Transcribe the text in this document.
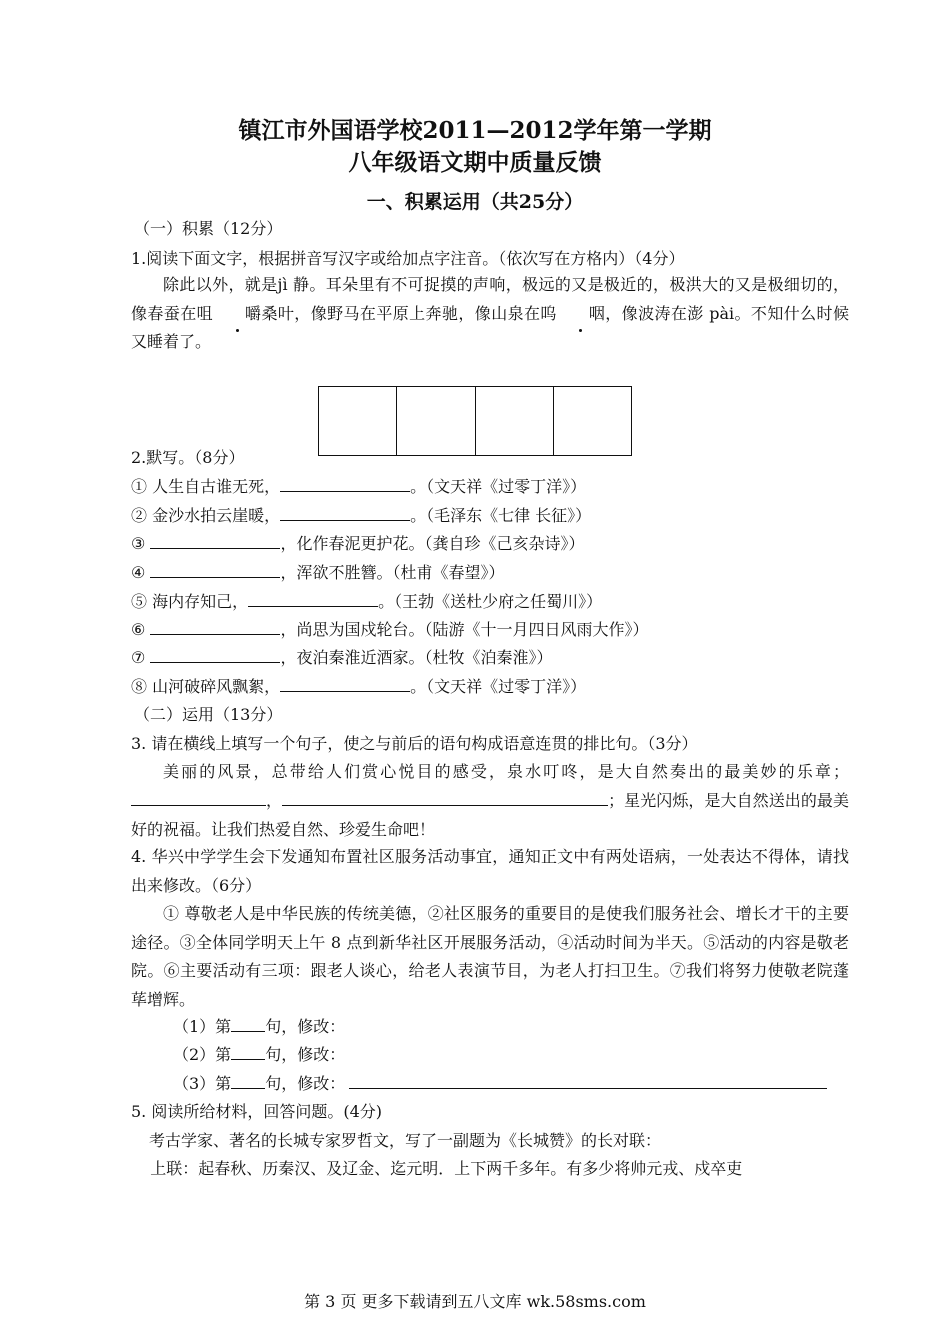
镇江市外国语学校2011—2012学年第一学期
八年级语文期中质量反馈
一、积累运用（共25分）
（一）积累（12分）
1.阅读下面文字，根据拼音写汉字或给加点字注音。（依次写在方格内）（4分）
除此以外，就是jì 静。耳朵里有不可捉摸的声响，极远的又是极近的，极洪大的又是极细切的，像春蚕在咀 嚼桑叶，像野马在平原上奔驰，像山泉在呜 咽，像波涛在澎 pài。不知什么时候又睡着了。
2.默写。（8分）
① 人生自古谁无死，	。（文天祥《过零丁洋》）
② 金沙水拍云崖暖，	。（毛泽东《七律 长征》）
③	，化作春泥更护花。（龚自珍《己亥杂诗》）
④	，浑欲不胜簪。（杜甫《春望》）
⑤ 海内存知己，	。（王勃《送杜少府之任蜀川》）
⑥	，尚思为国戍轮台。（陆游《十一月四日风雨大作》）
⑦	，夜泊秦淮近酒家。（杜牧《泊秦淮》）
⑧ 山河破碎风飘絮，	。（文天祥《过零丁洋》）
（二）运用（13分）
3. 请在横线上填写一个句子，使之与前后的语句构成语意连贯的排比句。（3分）
美丽的风景，总带给人们赏心悦目的感受，泉水叮咚，是大自然奏出的最美妙的乐章；，	；星光闪烁，是大自然送出的最美好的祝福。让我们热爱自然、珍爱生命吧！
4. 华兴中学学生会下发通知布置社区服务活动事宜，通知正文中有两处语病，一处表达不得体，请找出来修改。（6分）
① 尊敬老人是中华民族的传统美德，②社区服务的重要目的是使我们服务社会、增长才干的主要途径。③全体同学明天上午 8 点到新华社区开展服务活动，④活动时间为半天。⑤活动的内容是敬老院。⑥主要活动有三项：跟老人谈心，给老人表演节目，为老人打扫卫生。⑦我们将努力使敬老院蓬荜增辉。
（1）第 句，修改：
（2）第 句，修改：
（3）第 句，修改：
5. 阅读所给材料，回答问题。(4分)
考古学家、著名的长城专家罗哲文，写了一副题为《长城赞》的长对联：
上联：起春秋、历秦汉、及辽金、迄元明．上下两千多年。有多少将帅元戎、戍卒吏
第 3 页 更多下载请到五八文库 wk.58sms.com
